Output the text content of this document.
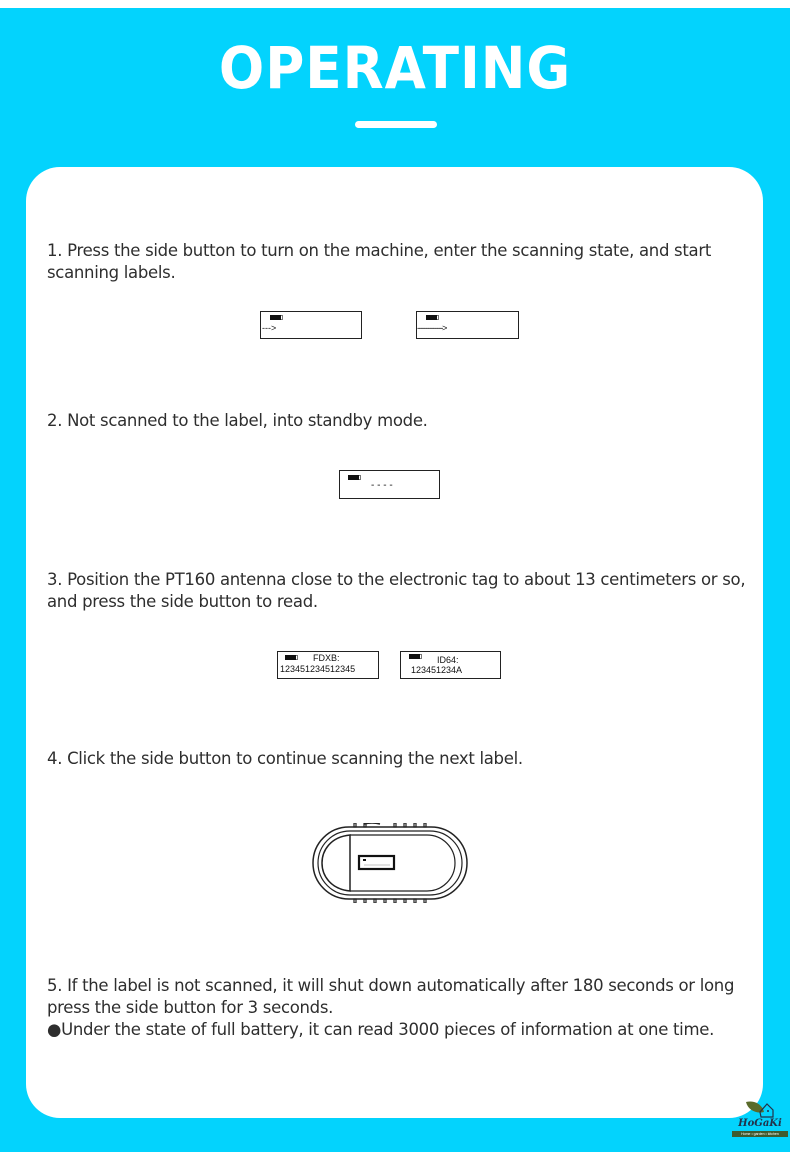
OPERATING
1. Press the side button to turn on the machine, enter the scanning state, and start scanning labels.
--->	-------------->
2. Not scanned to the label, into standby mode.
- - - -
3. Position the PT160 antenna close to the electronic tag to about 13 centimeters or so, and press the side button to read.
FDXB:
123451234512345
ID64:
123451234A
4. Click the side button to continue scanning the next label.
5. If the label is not scanned, it will shut down automatically after 180 seconds or long press the side button for 3 seconds.
●Under the state of full battery, it can read 3000 pieces of information at one time.
HoGaKi
Home • garden • kitchen
